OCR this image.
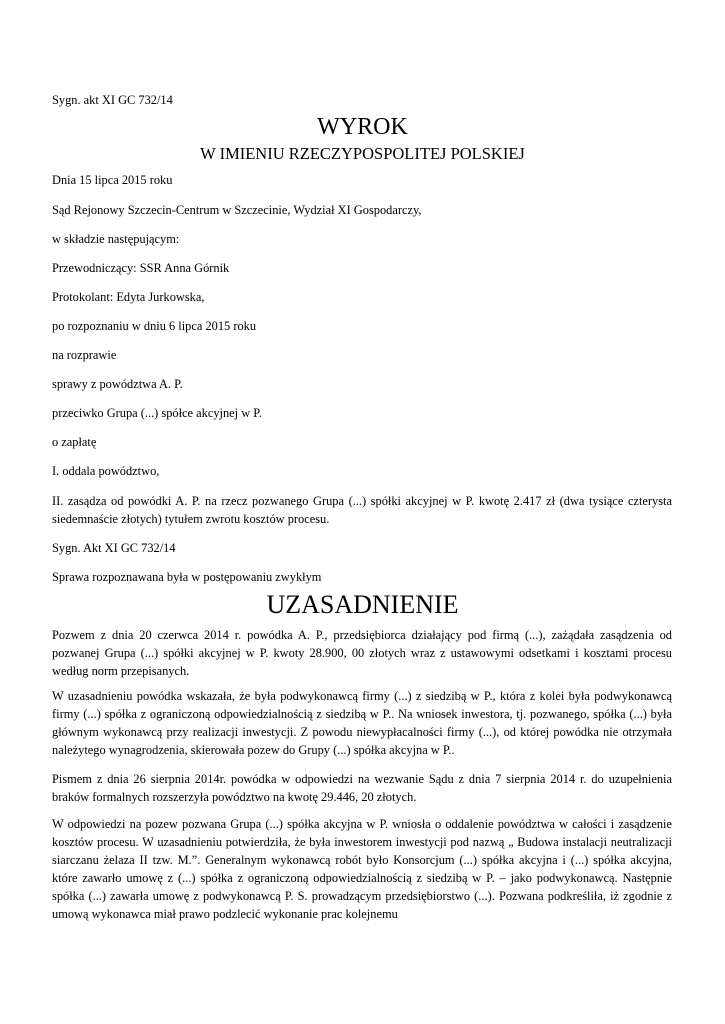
Sygn. akt XI GC 732/14

WYROK
W IMIENIU RZECZYPOSPOLITEJ POLSKIEJ

Dnia 15 lipca 2015 roku

Sąd Rejonowy Szczecin-Centrum w Szczecinie, Wydział XI Gospodarczy,

w składzie następującym:

Przewodniczący: SSR Anna Górnik

Protokolant: Edyta Jurkowska,

po rozpoznaniu w dniu 6 lipca 2015 roku

na rozprawie

sprawy z powództwa A. P.

przeciwko Grupa (...) spółce akcyjnej w P.

o zapłatę

I. oddala powództwo,

II. zasądza od powódki A. P. na rzecz pozwanego Grupa (...) spółki akcyjnej w P. kwotę 2.417 zł (dwa tysiące czterysta siedemnaście złotych) tytułem zwrotu kosztów procesu.

Sygn. Akt XI GC 732/14

Sprawa rozpoznawana była w postępowaniu zwykłym

UZASADNIENIE

Pozwem z dnia 20 czerwca 2014 r. powódka A. P., przedsiębiorca działający pod firmą (...), zażądała zasądzenia od pozwanej Grupa (...) spółki akcyjnej w P. kwoty 28.900, 00 złotych wraz z ustawowymi odsetkami i kosztami procesu według norm przepisanych.

W uzasadnieniu powódka wskazała, że była podwykonawcą firmy (...) z siedzibą w P., która z kolei była podwykonawcą firmy (...) spółka z ograniczoną odpowiedzialnością z siedzibą w P.. Na wniosek inwestora, tj. pozwanego, spółka (...) była głównym wykonawcą przy realizacji inwestycji. Z powodu niewypłacalności firmy (...), od której powódka nie otrzymała należytego wynagrodzenia, skierowała pozew do Grupy (...) spółka akcyjna w P..

Pismem z dnia 26 sierpnia 2014r. powódka w odpowiedzi na wezwanie Sądu z dnia 7 sierpnia 2014 r. do uzupełnienia braków formalnych rozszerzyła powództwo na kwotę 29.446, 20 złotych.

W odpowiedzi na pozew pozwana Grupa (...) spółka akcyjna w P. wniosła o oddalenie powództwa w całości i zasądzenie kosztów procesu. W uzasadnieniu potwierdziła, że była inwestorem inwestycji pod nazwą „ Budowa instalacji neutralizacji siarczanu żelaza II tzw. M.”. Generalnym wykonawcą robót było Konsorcjum (...) spółka akcyjna i (...) spółka akcyjna, które zawarło umowę z (...) spółka z ograniczoną odpowiedzialnością z siedzibą w P. – jako podwykonawcą. Następnie spółka (...) zawarła umowę z podwykonawcą P. S. prowadzącym przedsiębiorstwo (...). Pozwana podkreśliła, iż zgodnie z umową wykonawca miał prawo podzlecić wykonanie prac kolejnemu
